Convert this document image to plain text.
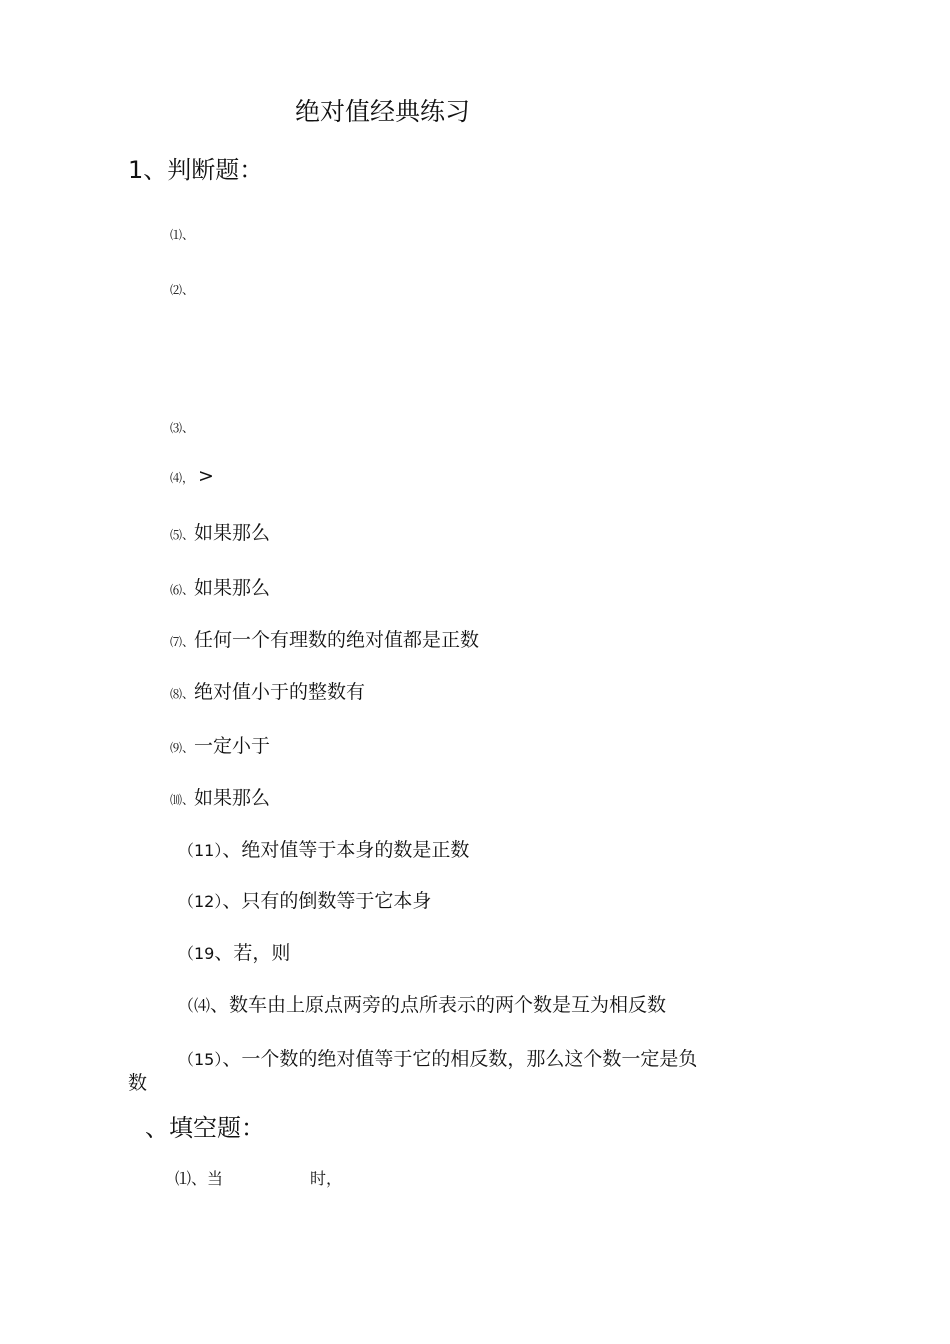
绝对值经典练习
1、判断题：
⑴、
⑵、
⑶、
⑷， >
⑸、如果那么
⑹、如果那么
⑺、任何一个有理数的绝对值都是正数
⑻、绝对值小于的整数有
⑼、一定小于
⑽、如果那么
（11）、绝对值等于本身的数是正数
（12）、只有的倒数等于它本身
（19、若，则
（⑷、数车由上原点两旁的点所表示的两个数是互为相反数
（15）、一个数的绝对值等于它的相反数，那么这个数一定是负
数
、填空题：
⑴、当	时，
